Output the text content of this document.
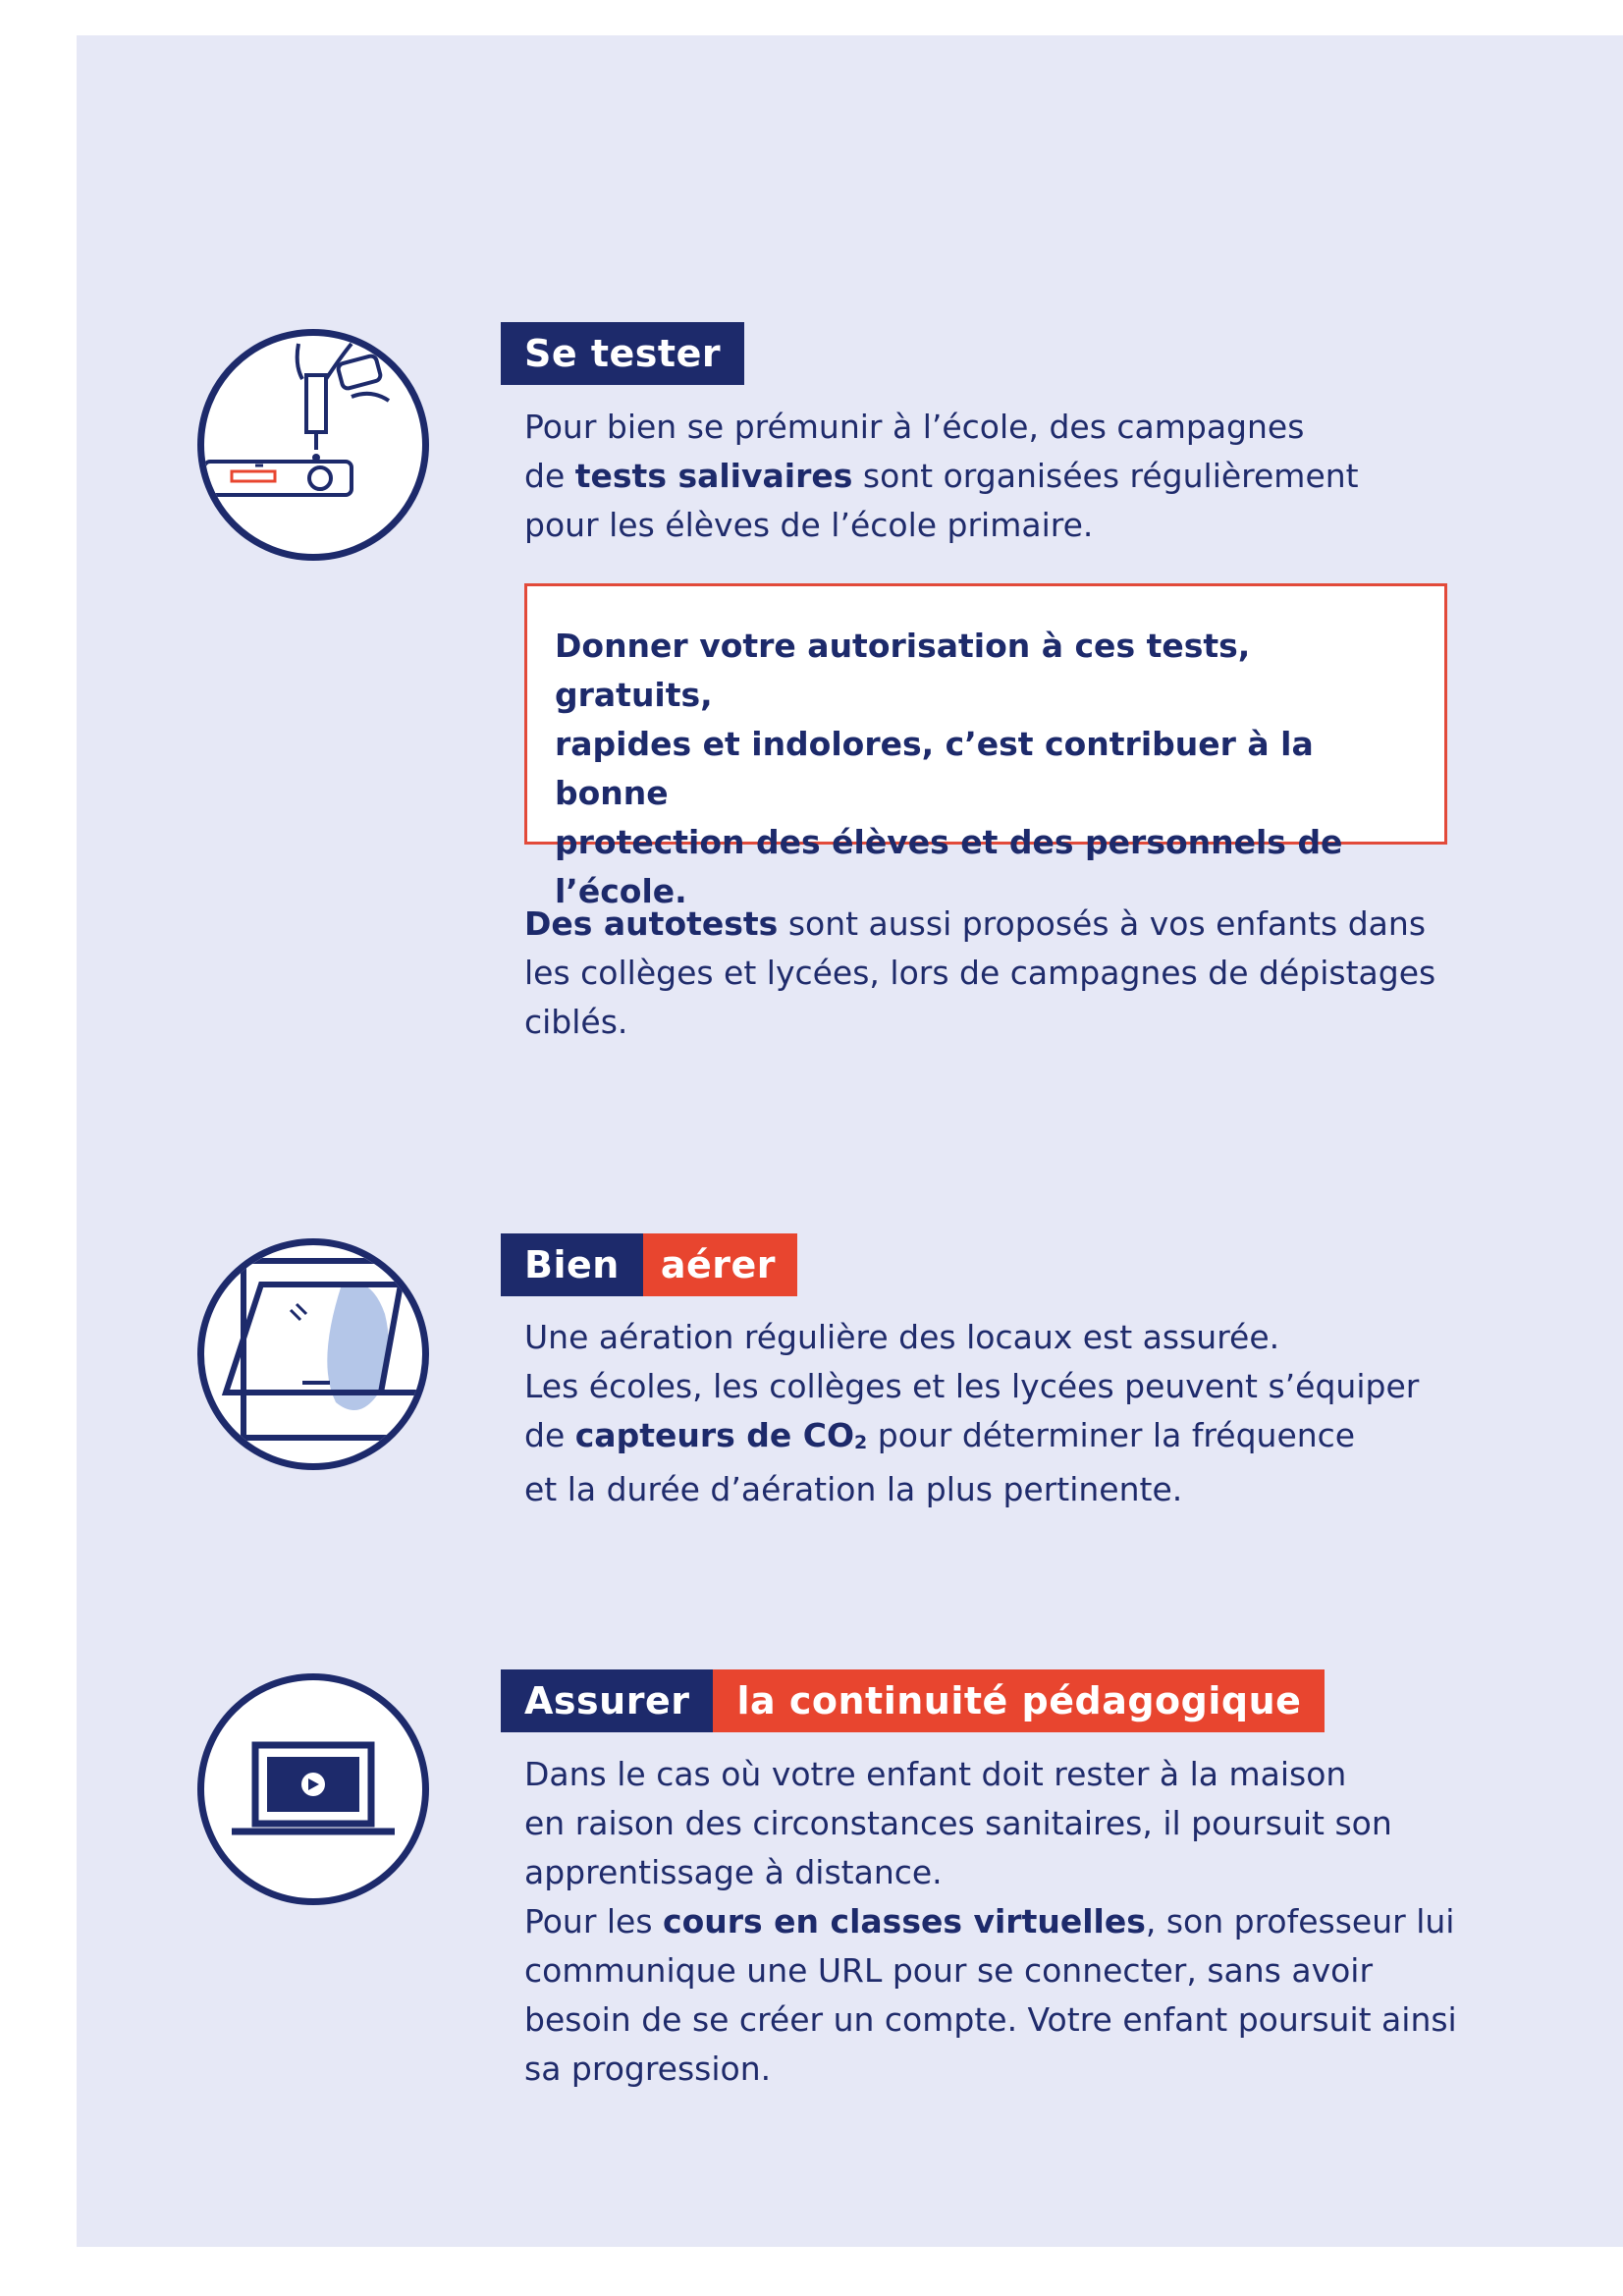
Se tester

Pour bien se prémunir à l’école, des campagnes
de tests salivaires sont organisées régulièrement
pour les élèves de l’école primaire.

Donner votre autorisation à ces tests, gratuits,
rapides et indolores, c’est contribuer à la bonne
protection des élèves et des personnels de
l’école.

Des autotests sont aussi proposés à vos enfants dans
les collèges et lycées, lors de campagnes de dépistages
ciblés.

Bien	aérer

Une aération régulière des locaux est assurée.
Les écoles, les collèges et les lycées peuvent s’équiper
de capteurs de $CO_2$ pour déterminer la fréquence
et la durée d’aération la plus pertinente.

Assurer	la continuité pédagogique

Dans le cas où votre enfant doit rester à la maison
en raison des circonstances sanitaires, il poursuit son
apprentissage à distance.
Pour les cours en classes virtuelles, son professeur lui
communique une URL pour se connecter, sans avoir
besoin de se créer un compte. Votre enfant poursuit ainsi
sa progression.
